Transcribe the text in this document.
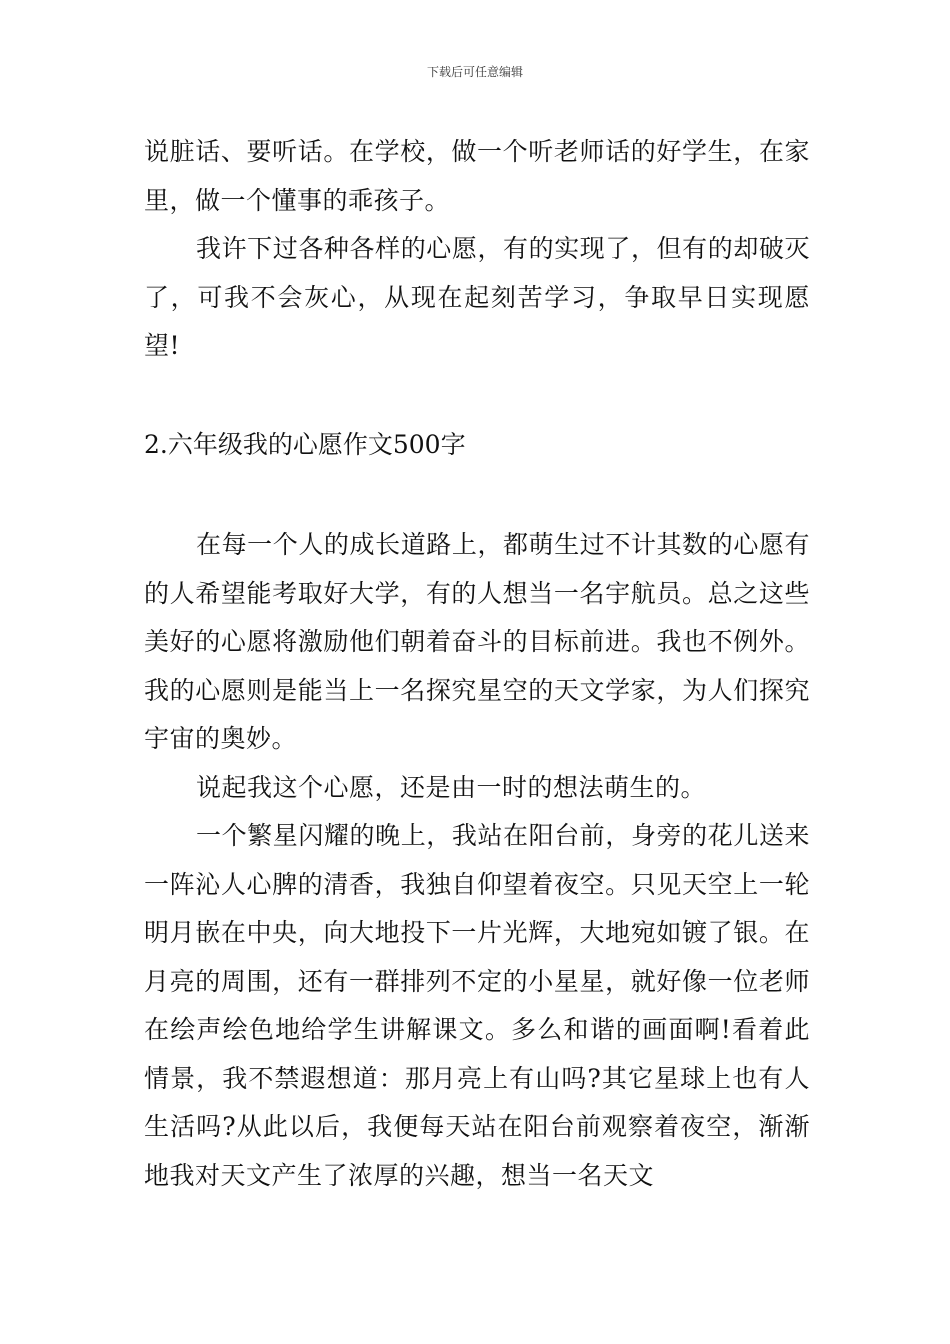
下载后可任意编辑

说脏话、要听话。在学校，做一个听老师话的好学生，在家里，做一个懂事的乖孩子。

我许下过各种各样的心愿，有的实现了，但有的却破灭了，可我不会灰心，从现在起刻苦学习，争取早日实现愿望!

2.六年级我的心愿作文500字

在每一个人的成长道路上，都萌生过不计其数的心愿有的人希望能考取好大学，有的人想当一名宇航员。总之这些美好的心愿将激励他们朝着奋斗的目标前进。我也不例外。我的心愿则是能当上一名探究星空的天文学家，为人们探究宇宙的奥妙。

说起我这个心愿，还是由一时的想法萌生的。

一个繁星闪耀的晚上，我站在阳台前，身旁的花儿送来一阵沁人心脾的清香，我独自仰望着夜空。只见天空上一轮明月嵌在中央，向大地投下一片光辉，大地宛如镀了银。在月亮的周围，还有一群排列不定的小星星，就好像一位老师在绘声绘色地给学生讲解课文。多么和谐的画面啊!看着此情景，我不禁遐想道：那月亮上有山吗?其它星球上也有人生活吗?从此以后，我便每天站在阳台前观察着夜空，渐渐地我对天文产生了浓厚的兴趣，想当一名天文
